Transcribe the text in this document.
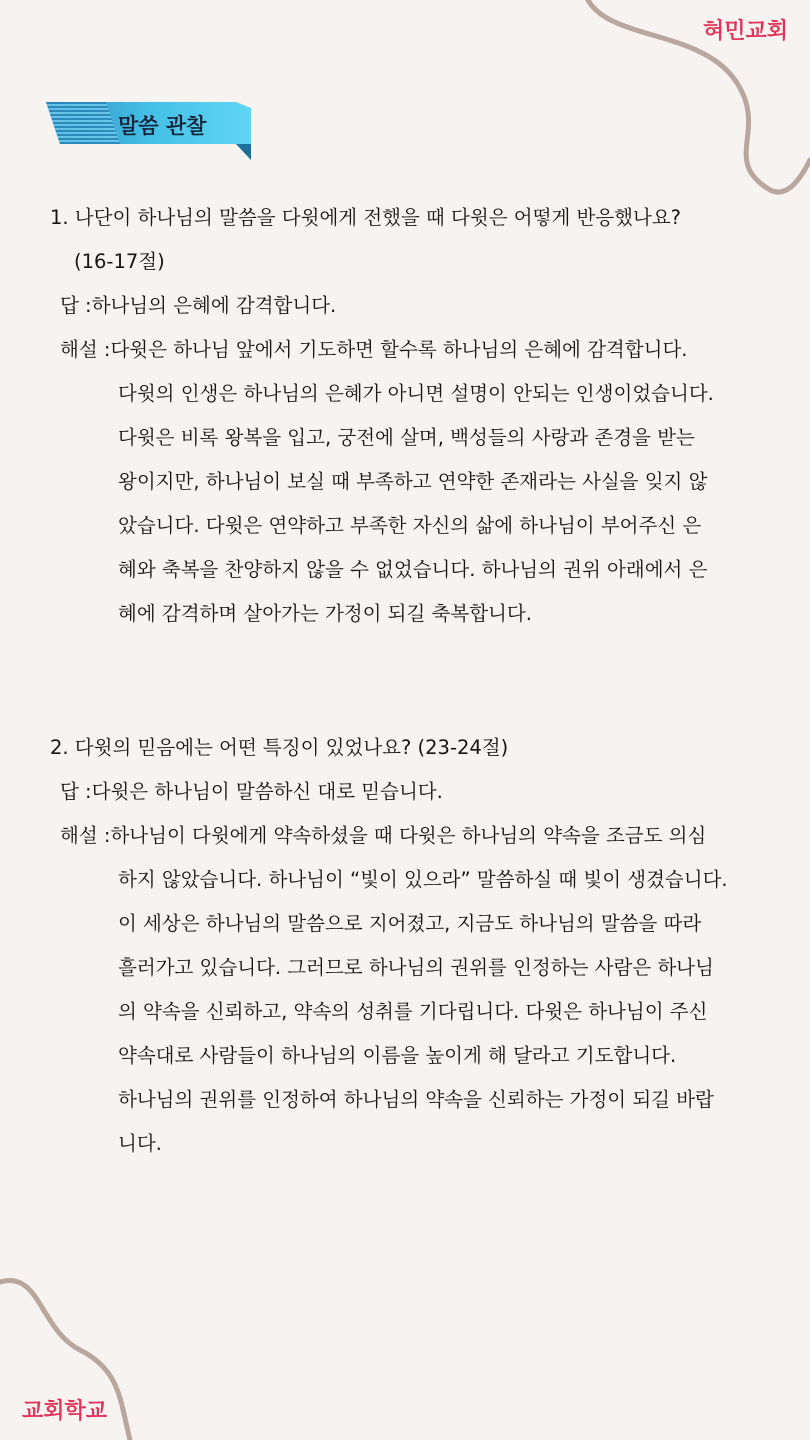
혀민교회
교회학교
말씀 관찰
1. 나단이 하나님의 말씀을 다윗에게 전했을 때 다윗은 어떻게 반응했나요?
(16-17절)
답 :하나님의 은혜에 감격합니다.
해설 :다윗은 하나님 앞에서 기도하면 할수록 하나님의 은혜에 감격합니다.
다윗의 인생은 하나님의 은혜가 아니면 설명이 안되는 인생이었습니다.
다윗은 비록 왕복을 입고, 궁전에 살며, 백성들의 사랑과 존경을 받는
왕이지만, 하나님이 보실 때 부족하고 연약한 존재라는 사실을 잊지 않
았습니다. 다윗은 연약하고 부족한 자신의 삶에 하나님이 부어주신 은
혜와 축복을 찬양하지 않을 수 없었습니다. 하나님의 권위 아래에서 은
혜에 감격하며 살아가는 가정이 되길 축복합니다.
2. 다윗의 믿음에는 어떤 특징이 있었나요? (23-24절)
답 :다윗은 하나님이 말씀하신 대로 믿습니다.
해설 :하나님이 다윗에게 약속하셨을 때 다윗은 하나님의 약속을 조금도 의심
하지 않았습니다. 하나님이 “빛이 있으라” 말씀하실 때 빛이 생겼습니다.
이 세상은 하나님의 말씀으로 지어졌고, 지금도 하나님의 말씀을 따라
흘러가고 있습니다. 그러므로 하나님의 권위를 인정하는 사람은 하나님
의 약속을 신뢰하고, 약속의 성취를 기다립니다. 다윗은 하나님이 주신
약속대로 사람들이 하나님의 이름을 높이게 해 달라고 기도합니다.
하나님의 권위를 인정하여 하나님의 약속을 신뢰하는 가정이 되길 바랍
니다.
